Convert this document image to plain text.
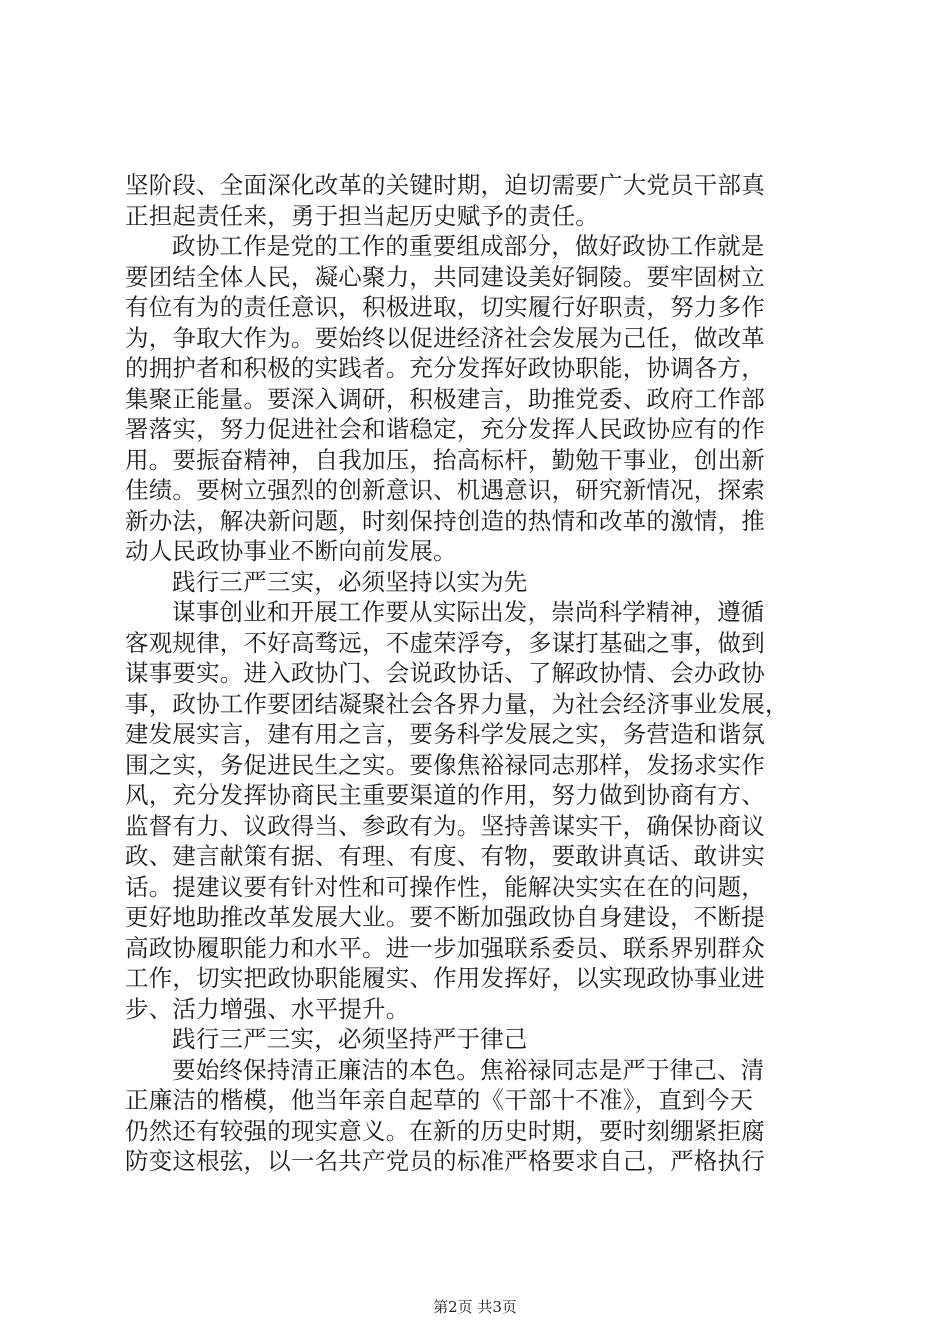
坚阶段、全面深化改革的关键时期，迫切需要广大党员干部真
正担起责任来，勇于担当起历史赋予的责任。
政协工作是党的工作的重要组成部分，做好政协工作就是
要团结全体人民，凝心聚力，共同建设美好铜陵。要牢固树立
有位有为的责任意识，积极进取，切实履行好职责，努力多作
为，争取大作为。要始终以促进经济社会发展为己任，做改革
的拥护者和积极的实践者。充分发挥好政协职能，协调各方，
集聚正能量。要深入调研，积极建言，助推党委、政府工作部
署落实，努力促进社会和谐稳定，充分发挥人民政协应有的作
用。要振奋精神，自我加压，抬高标杆，勤勉干事业，创出新
佳绩。要树立强烈的创新意识、机遇意识，研究新情况，探索
新办法，解决新问题，时刻保持创造的热情和改革的激情，推
动人民政协事业不断向前发展。
践行三严三实，必须坚持以实为先
谋事创业和开展工作要从实际出发，崇尚科学精神，遵循
客观规律，不好高骛远，不虚荣浮夸，多谋打基础之事，做到
谋事要实。进入政协门、会说政协话、了解政协情、会办政协
事，政协工作要团结凝聚社会各界力量，为社会经济事业发展，
建发展实言，建有用之言，要务科学发展之实，务营造和谐氛
围之实，务促进民生之实。要像焦裕禄同志那样，发扬求实作
风，充分发挥协商民主重要渠道的作用，努力做到协商有方、
监督有力、议政得当、参政有为。坚持善谋实干，确保协商议
政、建言献策有据、有理、有度、有物，要敢讲真话、敢讲实
话。提建议要有针对性和可操作性，能解决实实在在的问题，
更好地助推改革发展大业。要不断加强政协自身建设，不断提
高政协履职能力和水平。进一步加强联系委员、联系界别群众
工作，切实把政协职能履实、作用发挥好，以实现政协事业进
步、活力增强、水平提升。
践行三严三实，必须坚持严于律己
要始终保持清正廉洁的本色。焦裕禄同志是严于律己、清
正廉洁的楷模，他当年亲自起草的《干部十不准》，直到今天
仍然还有较强的现实意义。在新的历史时期，要时刻绷紧拒腐
防变这根弦，以一名共产党员的标准严格要求自己，严格执行
第2页 共3页
